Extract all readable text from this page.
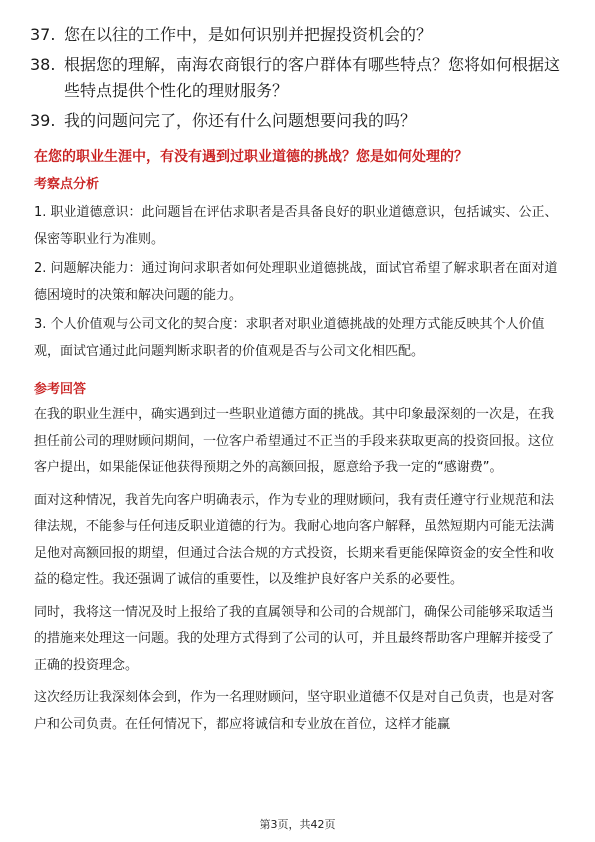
37. 您在以往的工作中，是如何识别并把握投资机会的？
38. 根据您的理解，南海农商银行的客户群体有哪些特点？您将如何根据这些特点提供个性化的理财服务？
39. 我的问题问完了，你还有什么问题想要问我的吗？
在您的职业生涯中，有没有遇到过职业道德的挑战？您是如何处理的？
考察点分析

1. 职业道德意识：此问题旨在评估求职者是否具备良好的职业道德意识，包括诚实、公正、保密等职业行为准则。

2. 问题解决能力：通过询问求职者如何处理职业道德挑战，面试官希望了解求职者在面对道德困境时的决策和解决问题的能力。

3. 个人价值观与公司文化的契合度：求职者对职业道德挑战的处理方式能反映其个人价值观，面试官通过此问题判断求职者的价值观是否与公司文化相匹配。

参考回答

在我的职业生涯中，确实遇到过一些职业道德方面的挑战。其中印象最深刻的一次是，在我担任前公司的理财顾问期间，一位客户希望通过不正当的手段来获取更高的投资回报。这位客户提出，如果能保证他获得预期之外的高额回报，愿意给予我一定的“感谢费”。

面对这种情况，我首先向客户明确表示，作为专业的理财顾问，我有责任遵守行业规范和法律法规，不能参与任何违反职业道德的行为。我耐心地向客户解释，虽然短期内可能无法满足他对高额回报的期望，但通过合法合规的方式投资，长期来看更能保障资金的安全性和收益的稳定性。我还强调了诚信的重要性，以及维护良好客户关系的必要性。

同时，我将这一情况及时上报给了我的直属领导和公司的合规部门，确保公司能够采取适当的措施来处理这一问题。我的处理方式得到了公司的认可，并且最终帮助客户理解并接受了正确的投资理念。

这次经历让我深刻体会到，作为一名理财顾问，坚守职业道德不仅是对自己负责，也是对客户和公司负责。在任何情况下，都应将诚信和专业放在首位，这样才能赢

第3页，共42页
